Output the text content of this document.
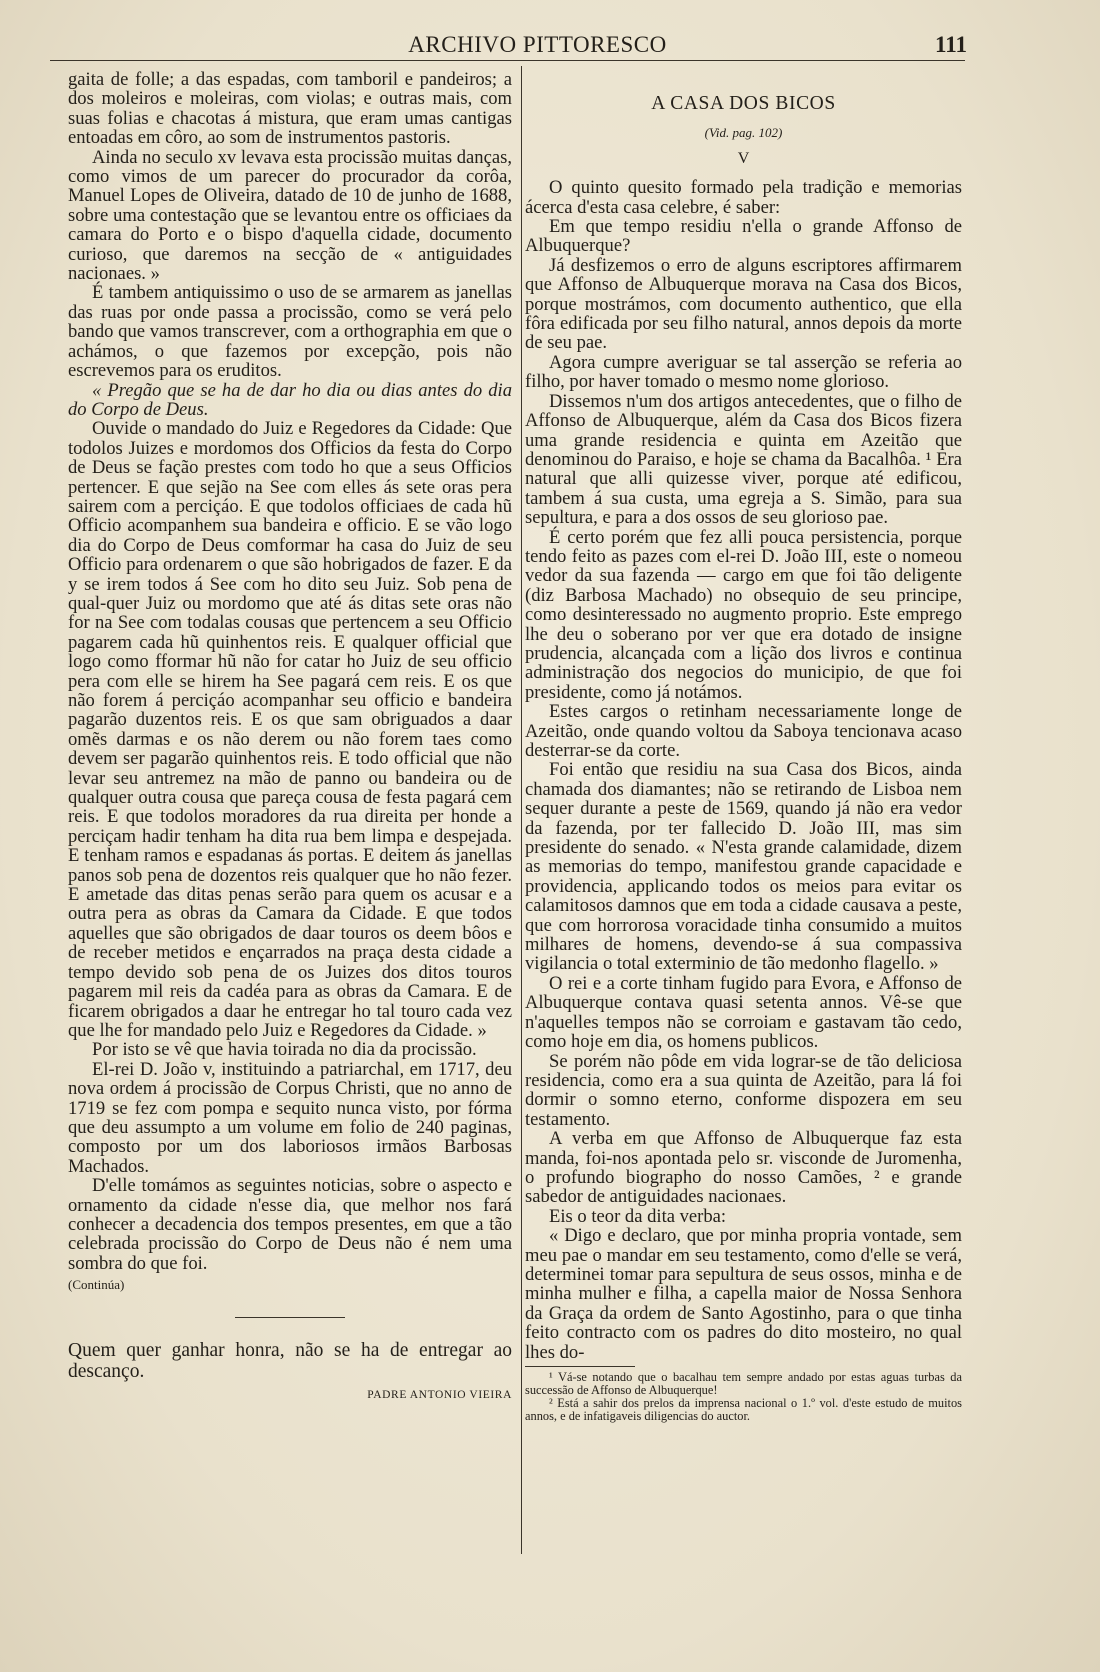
ARCHIVO PITTORESCO	111

gaita de folle; a das espadas, com tamboril e pandeiros; a dos moleiros e moleiras, com violas; e outras mais, com suas folias e chacotas á mistura, que eram umas cantigas entoadas em côro, ao som de instrumentos pastoris.

Ainda no seculo xv levava esta procissão muitas danças, como vimos de um parecer do procurador da corôa, Manuel Lopes de Oliveira, datado de 10 de junho de 1688, sobre uma contestação que se levantou entre os officiaes da camara do Porto e o bispo d'aquella cidade, documento curioso, que daremos na secção de « antiguidades nacionaes. »

É tambem antiquissimo o uso de se armarem as janellas das ruas por onde passa a procissão, como se verá pelo bando que vamos transcrever, com a orthographia em que o achámos, o que fazemos por excepção, pois não escrevemos para os eruditos.

« Pregão que se ha de dar ho dia ou dias antes do dia do Corpo de Deus.

Ouvide o mandado do Juiz e Regedores da Cidade: Que todolos Juizes e mordomos dos Officios da festa do Corpo de Deus se fação prestes com todo ho que a seus Officios pertencer. E que sejão na See com elles ás sete oras pera sairem com a perciçáo. E que todolos officiaes de cada hũ Officio acompanhem sua bandeira e officio. E se vão logo dia do Corpo de Deus comformar ha casa do Juiz de seu Officio para ordenarem o que são hobrigados de fazer. E da y se irem todos á See com ho dito seu Juiz. Sob pena de qual-quer Juiz ou mordomo que até ás ditas sete oras não for na See com todalas cousas que pertencem a seu Officio pagarem cada hũ quinhentos reis. E qualquer official que logo como fformar hũ não for catar ho Juiz de seu officio pera com elle se hirem ha See pagará cem reis. E os que não forem á perciçáo acompanhar seu officio e bandeira pagarão duzentos reis. E os que sam obriguados a daar omẽs darmas e os não derem ou não forem taes como devem ser pagarão quinhentos reis. E todo official que não levar seu antremez na mão de panno ou bandeira ou de qualquer outra cousa que pareça cousa de festa pagará cem reis. E que todolos moradores da rua direita per honde a perciçam hadir tenham ha dita rua bem limpa e despejada. E tenham ramos e espadanas ás portas. E deitem ás janellas panos sob pena de dozentos reis qualquer que ho não fezer. E ametade das ditas penas serão para quem os acusar e a outra pera as obras da Camara da Cidade. E que todos aquelles que são obrigados de daar touros os deem bôos e de receber metidos e ençarrados na praça desta cidade a tempo devido sob pena de os Juizes dos ditos touros pagarem mil reis da cadéa para as obras da Camara. E de ficarem obrigados a daar he entregar ho tal touro cada vez que lhe for mandado pelo Juiz e Regedores da Cidade. »

Por isto se vê que havia toirada no dia da procissão.

El-rei D. João v, instituindo a patriarchal, em 1717, deu nova ordem á procissão de Corpus Christi, que no anno de 1719 se fez com pompa e sequito nunca visto, por fórma que deu assumpto a um volume em folio de 240 paginas, composto por um dos laboriosos irmãos Barbosas Machados.

D'elle tomámos as seguintes noticias, sobre o aspecto e ornamento da cidade n'esse dia, que melhor nos fará conhecer a decadencia dos tempos presentes, em que a tão celebrada procissão do Corpo de Deus não é nem uma sombra do que foi.

(Continúa)

Quem quer ganhar honra, não se ha de entregar ao descanço.

PADRE ANTONIO VIEIRA
A CASA DOS BICOS
(Vid. pag. 102)
V

O quinto quesito formado pela tradição e memorias ácerca d'esta casa celebre, é saber:

Em que tempo residiu n'ella o grande Affonso de Albuquerque?

Já desfizemos o erro de alguns escriptores affirmarem que Affonso de Albuquerque morava na Casa dos Bicos, porque mostrámos, com documento authentico, que ella fôra edificada por seu filho natural, annos depois da morte de seu pae.

Agora cumpre averiguar se tal asserção se referia ao filho, por haver tomado o mesmo nome glorioso.

Dissemos n'um dos artigos antecedentes, que o filho de Affonso de Albuquerque, além da Casa dos Bicos fizera uma grande residencia e quinta em Azeitão que denominou do Paraiso, e hoje se chama da Bacalhôa. ¹ Era natural que alli quizesse viver, porque até edificou, tambem á sua custa, uma egreja a S. Simão, para sua sepultura, e para a dos ossos de seu glorioso pae.

É certo porém que fez alli pouca persistencia, porque tendo feito as pazes com el-rei D. João III, este o nomeou vedor da sua fazenda — cargo em que foi tão deligente (diz Barbosa Machado) no obsequio de seu principe, como desinteressado no augmento proprio. Este emprego lhe deu o soberano por ver que era dotado de insigne prudencia, alcançada com a lição dos livros e continua administração dos negocios do municipio, de que foi presidente, como já notámos.

Estes cargos o retinham necessariamente longe de Azeitão, onde quando voltou da Saboya tencionava acaso desterrar-se da corte.

Foi então que residiu na sua Casa dos Bicos, ainda chamada dos diamantes; não se retirando de Lisboa nem sequer durante a peste de 1569, quando já não era vedor da fazenda, por ter fallecido D. João III, mas sim presidente do senado. « N'esta grande calamidade, dizem as memorias do tempo, manifestou grande capacidade e providencia, applicando todos os meios para evitar os calamitosos damnos que em toda a cidade causava a peste, que com horrorosa voracidade tinha consumido a muitos milhares de homens, devendo-se á sua compassiva vigilancia o total exterminio de tão medonho flagello. »

O rei e a corte tinham fugido para Evora, e Affonso de Albuquerque contava quasi setenta annos. Vê-se que n'aquelles tempos não se corroiam e gastavam tão cedo, como hoje em dia, os homens publicos.

Se porém não pôde em vida lograr-se de tão deliciosa residencia, como era a sua quinta de Azeitão, para lá foi dormir o somno eterno, conforme dispozera em seu testamento.

A verba em que Affonso de Albuquerque faz esta manda, foi-nos apontada pelo sr. visconde de Juromenha, o profundo biographo do nosso Camões, ² e grande sabedor de antiguidades nacionaes.

Eis o teor da dita verba:

« Digo e declaro, que por minha propria vontade, sem meu pae o mandar em seu testamento, como d'elle se verá, determinei tomar para sepultura de seus ossos, minha e de minha mulher e filha, a capella maior de Nossa Senhora da Graça da ordem de Santo Agostinho, para o que tinha feito contracto com os padres do dito mosteiro, no qual lhes do-

¹ Vá-se notando que o bacalhau tem sempre andado por estas aguas turbas da successão de Affonso de Albuquerque!

² Está a sahir dos prelos da imprensa nacional o 1.º vol. d'este estudo de muitos annos, e de infatigaveis diligencias do auctor.
